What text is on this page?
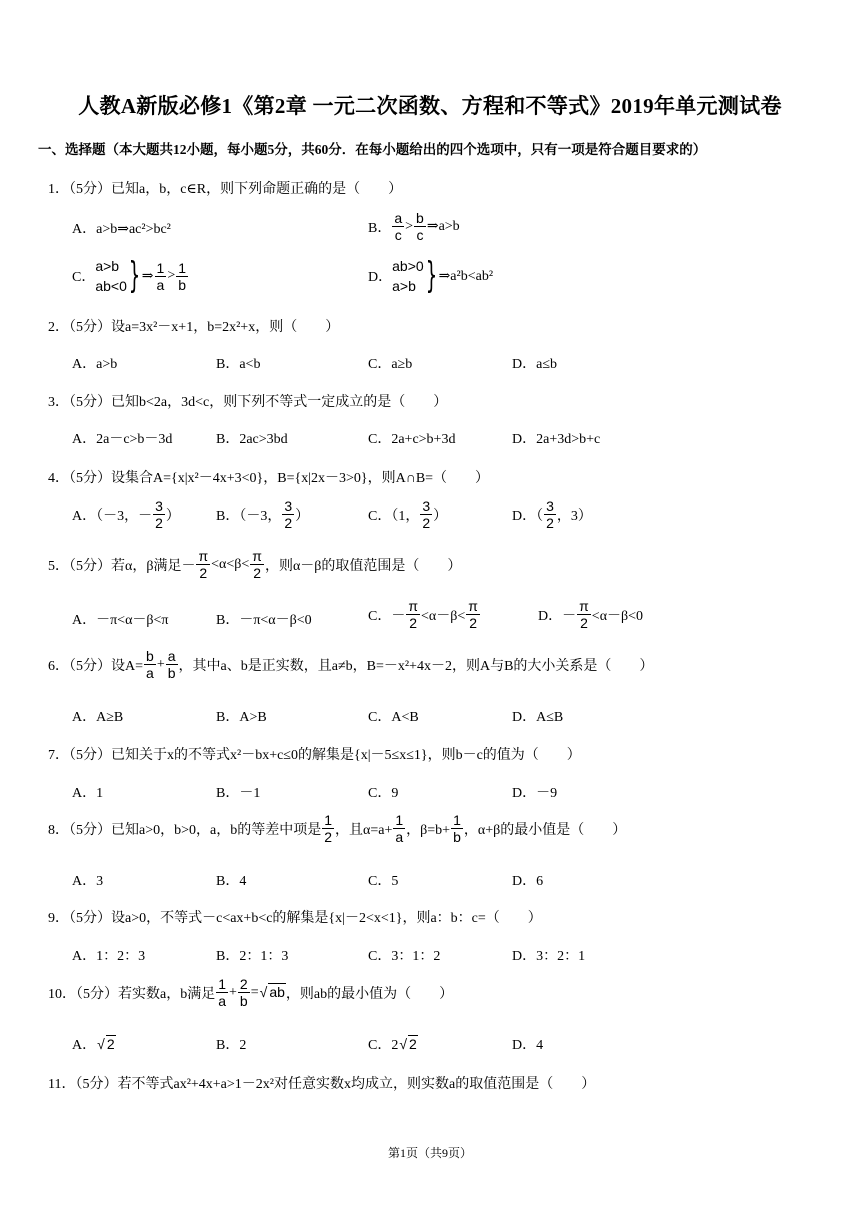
人教A新版必修1《第2章 一元二次函数、方程和不等式》2019年单元测试卷
一、选择题（本大题共12小题，每小题5分，共60分．在每小题给出的四个选项中，只有一项是符合题目要求的）
1．（5分）已知a，b，c∈R，则下列命题正确的是（　　）
A．a>b⇒ac²>bc²	B． $\frac{a}{c} > \frac{b}{c}$ ⇒a>b
C．
a>b
ab<0 } ⇒ $\frac{1}{a} > \frac{1}{b}$	D．
ab>0
a>b } ⇒a²b<ab²
2．（5分）设a=3x²－x+1，b=2x²+x，则（　　）
A．a>b	B．a<b	C．a≥b	D．a≤b
3．（5分）已知b<2a，3d<c，则下列不等式一定成立的是（　　）
A．2a－c>b－3d	B．2ac>3bd	C．2a+c>b+3d	D．2a+3d>b+c
4．（5分）设集合A={x|x²－4x+3<0}，B={x|2x－3>0}，则A∩B=（　　）
A．（－3，－ $\frac{3}{2}$ ）	B．（－3， $\frac{3}{2}$ ）	C．（1， $\frac{3}{2}$ ）	D．（ $\frac{3}{2}$ ，3）
5．（5分）若α，β满足－ $\frac{\pi}{2} <\alpha<\beta< \frac{\pi}{2}$ ，则α－β的取值范围是（　　）
A．－π<α－β<π	B．－π<α－β<0	C．－ $\frac{\pi}{2} <\alpha-\beta< \frac{\pi}{2}$	D．－ $\frac{\pi}{2} <\alpha-\beta<0$
6．（5分）设$A= \frac{b}{a} + \frac{a}{b}$ ，其中a、b是正实数，且a≠b，B=－x²+4x－2，则A与B的大小关系是（　　）
A．A≥B	B．A>B	C．A<B	D．A≤B
7．（5分）已知关于x的不等式x²－bx+c≤0的解集是{x|－5≤x≤1}，则b－c的值为（　　）
A．1	B．－1	C．9	D．－9
8．（5分）已知a>0，b>0，a，b的等差中项是 $\frac{1}{2}$ ，且$\alpha=a+ \frac{1}{a}$ ，$\beta=b+ \frac{1}{b}$ ，α+β的最小值是（　　）
A．3	B．4	C．5	D．6
9．（5分）设a>0，不等式－c<ax+b<c的解集是{x|－2<x<1}，则a：b：c=（　　）
A．1：2：3	B．2：1：3	C．3：1：2	D．3：2：1
10．（5分）若实数a，b满足 $\frac{1}{a} + \frac{2}{b}$ = √ ab ，则ab的最小值为（　　）
A． √ 2	B．2	C．2 √ 2	D．4
11．（5分）若不等式ax²+4x+a>1－2x²对任意实数x均成立，则实数a的取值范围是（　　）
第1页（共9页）
